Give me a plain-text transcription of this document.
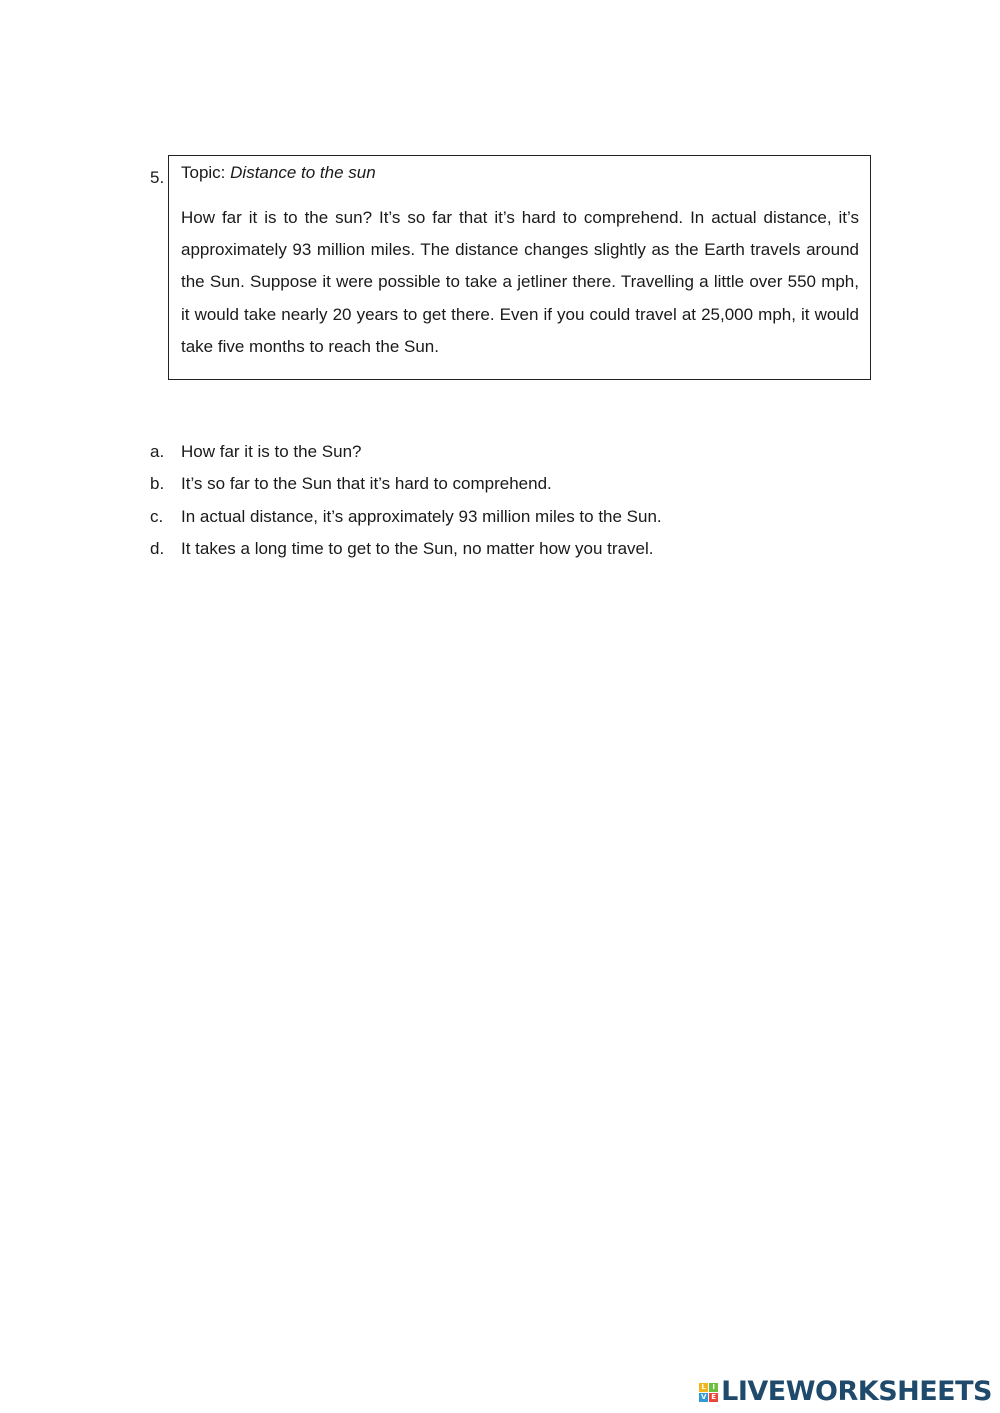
5. Topic: Distance to the sun

How far it is to the sun? It’s so far that it’s hard to comprehend. In actual distance, it’s approximately 93 million miles. The distance changes slightly as the Earth travels around the Sun. Suppose it were possible to take a jetliner there. Travelling a little over 550 mph, it would take nearly 20 years to get there. Even if you could travel at 25,000 mph, it would take five months to reach the Sun.

a. How far it is to the Sun?
b. It’s so far to the Sun that it’s hard to comprehend.
c.	In actual distance, it’s approximately 93 million miles to the Sun.
d. It takes a long time to get to the Sun, no matter how you travel.
L I
V E LIVEWORKSHEETS
